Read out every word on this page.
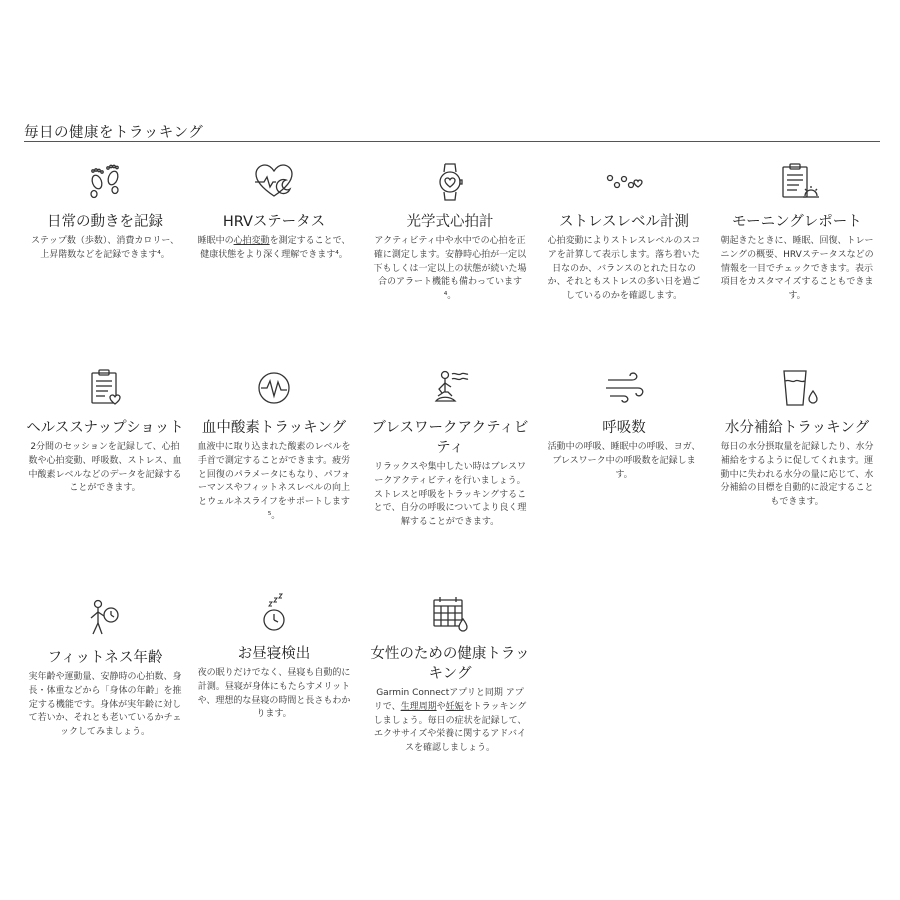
毎日の健康をトラッキング
日常の動きを記録
ステップ数（歩数）、消費カロリー、上昇階数などを記録できます⁴。
HRVステータス
睡眠中の心拍変動を測定することで、健康状態をより深く理解できます⁴。
光学式心拍計
アクティビティ中や水中での心拍を正確に測定します。安静時心拍が一定以下もしくは一定以上の状態が続いた場合のアラート機能も備わっています⁴。
ストレスレベル計測
心拍変動によりストレスレベルのスコアを計算して表示します。落ち着いた日なのか、バランスのとれた日なのか、それともストレスの多い日を過ごしているのかを確認します。
モーニングレポート
朝起きたときに、睡眠、回復、トレーニングの概要、HRVステータスなどの情報を一目でチェックできます。表示項目をカスタマイズすることもできます。
ヘルススナップショット
2分間のセッションを記録して、心拍数や心拍変動、呼吸数、ストレス、血中酸素レベルなどのデータを記録することができます。
血中酸素トラッキング
血液中に取り込まれた酸素のレベルを手首で測定することができます。疲労と回復のパラメータにもなり、パフォーマンスやフィットネスレベルの向上とウェルネスライフをサポートします⁵。
ブレスワークアクティビティ
リラックスや集中したい時はブレスワークアクティビティを行いましょう。ストレスと呼吸をトラッキングすることで、自分の呼吸についてより良く理解することができます。
呼吸数
活動中の呼吸、睡眠中の呼吸、ヨガ、ブレスワーク中の呼吸数を記録します。
水分補給トラッキング
毎日の水分摂取量を記録したり、水分補給をするように促してくれます。運動中に失われる水分の量に応じて、水分補給の目標を自動的に設定することもできます。
フィットネス年齢
実年齢や運動量、安静時の心拍数、身長・体重などから「身体の年齢」を推定する機能です。身体が実年齢に対して若いか、それとも老いているかチェックしてみましょう。
お昼寝検出
夜の眠りだけでなく、昼寝も自動的に計測。昼寝が身体にもたらすメリットや、理想的な昼寝の時間と長さもわかります。
女性のための健康トラッキング
Garmin Connectアプリと同期 アプリで、生理周期や妊娠をトラッキングしましょう。毎日の症状を記録して、エクササイズや栄養に関するアドバイスを確認しましょう。
